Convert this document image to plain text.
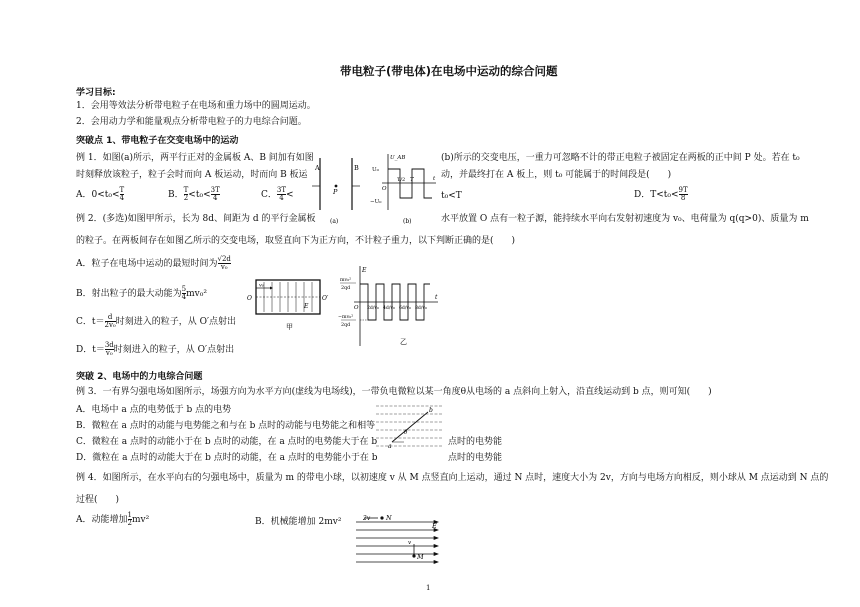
带电粒子(带电体)在电场中运动的综合问题
学习目标:
1．会用等效法分析带电粒子在电场和重力场中的圆周运动。
2．会用动力学和能量观点分析带电粒子的力电综合问题。
突破点 1、带电粒子在交变电场中的运动
例 1．如图(a)所示，两平行正对的金属板 A、B 间加有如图	(b)所示的交变电压，一重力可忽略不计的带正电粒子被固定在两板的正中间 P 处。若在 t₀
时刻释放该粒子，粒子会时而向 A 板运动，时而向 B 板运	动，并最终打在 A 板上，则 t₀ 可能属于的时间段是(　　)
A．$0<t_0< \frac{T}{4}$	B． $\frac{T}{2} <t_0< \frac{3T}{4}$	C． $\frac{3T}{4}$ <	t₀<T	D．$T<t_0< \frac{9T}{8}$
A	B
P
(a)
U_AB
U₀
−U₀
O
t
T/2 T
(b)
例 2．(多选)如图甲所示，长为 8d、间距为 d 的平行金属板	水平放置 O 点有一粒子源，能持续水平向右发射初速度为 v₀、电荷量为 q(q>0)、质量为 m
的粒子。在两板间存在如图乙所示的交变电场，取竖直向下为正方向，不计粒子重力，以下判断正确的是(　　)
A．粒子在电场中运动的最短时间为 $\frac{√2d}{\text{v₀}}$
B．射出粒子的最大动能为 $\frac{5}{4} mv_0^2$
C．$t= \frac{d}{\text{2v₀}}$ 时刻进入的粒子，从 O′点射出
D．$t= \frac{3d}{\text{v₀}}$ 时刻进入的粒子，从 O′点射出
v₀
O	O′
E
甲
E
mv₀²
2qd
−mv₀²
2qd
O
t
2d/v₀ 4d/v₀ 6d/v₀ 8d/v₀
乙
突破 2、电场中的力电综合问题
例 3．一有界匀强电场如图所示，场强方向为水平方向(虚线为电场线)，一带负电微粒以某一角度θ从电场的 a 点斜向上射入，沿直线运动到 b 点，则可知(　　)
A．电场中 a 点的电势低于 b 点的电势
B．微粒在 a 点时的动能与电势能之和与在 b 点时的动能与电势能之和相等
C．微粒在 a 点时的动能小于在 b 点时的动能，在 a 点时的电势能大于在 b	点时的电势能
D．微粒在 a 点时的动能大于在 b 点时的动能，在 a 点时的电势能小于在 b	点时的电势能
a
b
θ
例 4．如图所示，在水平向右的匀强电场中，质量为 m 的带电小球，以初速度 v 从 M 点竖直向上运动，通过 N 点时，速度大小为 2v，方向与电场方向相反，则小球从 M 点运动到 N 点的
过程(　　)
A．动能增加 $\frac{1}{2} mv^2$	B．机械能增加 2mv²	2v N
E
v
M
1
